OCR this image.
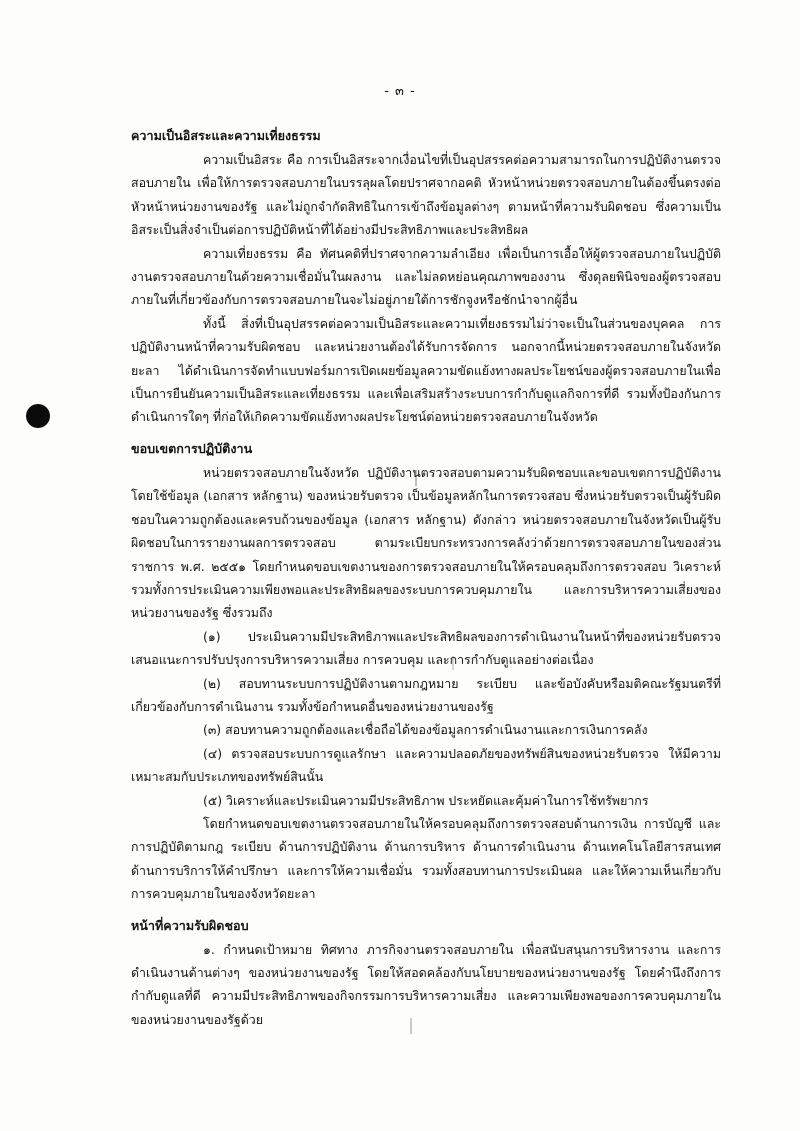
- ๓ -
ความเป็นอิสระและความเที่ยงธรรม

ความเป็นอิสระ คือ การเป็นอิสระจากเงื่อนไขที่เป็นอุปสรรคต่อความสามารถในการปฏิบัติงานตรวจสอบภายใน เพื่อให้การตรวจสอบภายในบรรลุผลโดยปราศจากอคติ หัวหน้าหน่วยตรวจสอบภายในต้องขึ้นตรงต่อหัวหน้าหน่วยงานของรัฐ และไม่ถูกจำกัดสิทธิในการเข้าถึงข้อมูลต่างๆ ตามหน้าที่ความรับผิดชอบ ซึ่งความเป็นอิสระเป็นสิ่งจำเป็นต่อการปฏิบัติหน้าที่ได้อย่างมีประสิทธิภาพและประสิทธิผล

ความเที่ยงธรรม คือ ทัศนคติที่ปราศจากความลำเอียง เพื่อเป็นการเอื้อให้ผู้ตรวจสอบภายในปฏิบัติงานตรวจสอบภายในด้วยความเชื่อมั่นในผลงาน และไม่ลดหย่อนคุณภาพของงาน ซึ่งดุลยพินิจของผู้ตรวจสอบภายในที่เกี่ยวข้องกับการตรวจสอบภายในจะไม่อยู่ภายใต้การชักจูงหรือชักนำจากผู้อื่น

ทั้งนี้ สิ่งที่เป็นอุปสรรคต่อความเป็นอิสระและความเที่ยงธรรมไม่ว่าจะเป็นในส่วนของบุคคล การปฏิบัติงานหน้าที่ความรับผิดชอบ และหน่วยงานต้องได้รับการจัดการ นอกจากนี้หน่วยตรวจสอบภายในจังหวัดยะลา ได้ดำเนินการจัดทำแบบฟอร์มการเปิดเผยข้อมูลความขัดแย้งทางผลประโยชน์ของผู้ตรวจสอบภายในเพื่อเป็นการยืนยันความเป็นอิสระและเที่ยงธรรม และเพื่อเสริมสร้างระบบการกำกับดูแลกิจการที่ดี รวมทั้งป้องกันการดำเนินการใดๆ ที่ก่อให้เกิดความขัดแย้งทางผลประโยชน์ต่อหน่วยตรวจสอบภายในจังหวัด

ขอบเขตการปฏิบัติงาน

หน่วยตรวจสอบภายในจังหวัด ปฏิบัติงานตรวจสอบตามความรับผิดชอบและขอบเขตการปฏิบัติงาน โดยใช้ข้อมูล (เอกสาร หลักฐาน) ของหน่วยรับตรวจ เป็นข้อมูลหลักในการตรวจสอบ ซึ่งหน่วยรับตรวจเป็นผู้รับผิดชอบในความถูกต้องและครบถ้วนของข้อมูล (เอกสาร หลักฐาน) ดังกล่าว หน่วยตรวจสอบภายในจังหวัดเป็นผู้รับผิดชอบในการรายงานผลการตรวจสอบ ตามระเบียบกระทรวงการคลังว่าด้วยการตรวจสอบภายในของส่วนราชการ พ.ศ. ๒๕๕๑ โดยกำหนดขอบเขตงานของการตรวจสอบภายในให้ครอบคลุมถึงการตรวจสอบ วิเคราะห์ รวมทั้งการประเมินความเพียงพอและประสิทธิผลของระบบการควบคุมภายใน และการบริหารความเสี่ยงของหน่วยงานของรัฐ ซึ่งรวมถึง

(๑) ประเมินความมีประสิทธิภาพและประสิทธิผลของการดำเนินงานในหน้าที่ของหน่วยรับตรวจ เสนอแนะการปรับปรุงการบริหารความเสี่ยง การควบคุม และการกำกับดูแลอย่างต่อเนื่อง

(๒) สอบทานระบบการปฏิบัติงานตามกฎหมาย ระเบียบ และข้อบังคับหรือมติคณะรัฐมนตรีที่เกี่ยวข้องกับการดำเนินงาน รวมทั้งข้อกำหนดอื่นของหน่วยงานของรัฐ

(๓) สอบทานความถูกต้องและเชื่อถือได้ของข้อมูลการดำเนินงานและการเงินการคลัง

(๔) ตรวจสอบระบบการดูแลรักษา และความปลอดภัยของทรัพย์สินของหน่วยรับตรวจ ให้มีความเหมาะสมกับประเภทของทรัพย์สินนั้น

(๕) วิเคราะห์และประเมินความมีประสิทธิภาพ ประหยัดและคุ้มค่าในการใช้ทรัพยากร

โดยกำหนดขอบเขตงานตรวจสอบภายในให้ครอบคลุมถึงการตรวจสอบด้านการเงิน การบัญชี และการปฏิบัติตามกฎ ระเบียบ ด้านการปฏิบัติงาน ด้านการบริหาร ด้านการดำเนินงาน ด้านเทคโนโลยีสารสนเทศ ด้านการบริการให้คำปรึกษา และการให้ความเชื่อมั่น รวมทั้งสอบทานการประเมินผล และให้ความเห็นเกี่ยวกับการควบคุมภายในของจังหวัดยะลา

หน้าที่ความรับผิดชอบ

๑. กำหนดเป้าหมาย ทิศทาง ภารกิจงานตรวจสอบภายใน เพื่อสนับสนุนการบริหารงาน และการดำเนินงานด้านต่างๆ ของหน่วยงานของรัฐ โดยให้สอดคล้องกับนโยบายของหน่วยงานของรัฐ โดยคำนึงถึงการกำกับดูแลที่ดี ความมีประสิทธิภาพของกิจกรรมการบริหารความเสี่ยง และความเพียงพอของการควบคุมภายในของหน่วยงานของรัฐด้วย
